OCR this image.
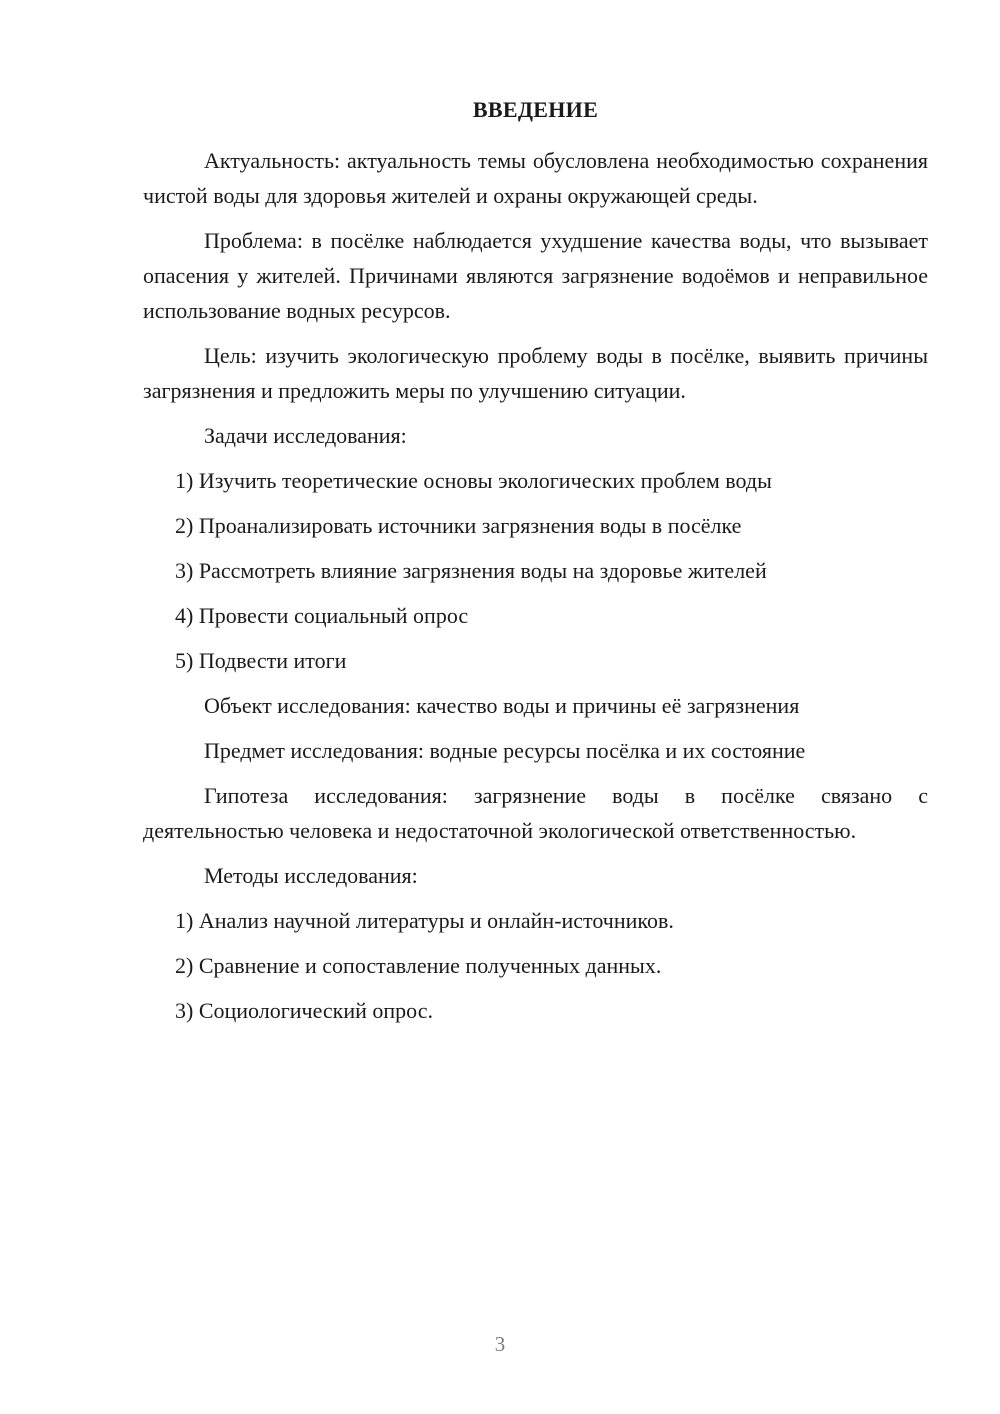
ВВЕДЕНИЕ

Актуальность: актуальность темы обусловлена необходимостью сохранения чистой воды для здоровья жителей и охраны окружающей среды.

Проблема: в посёлке наблюдается ухудшение качества воды, что вызывает опасения у жителей. Причинами являются загрязнение водоёмов и неправильное использование водных ресурсов.

Цель: изучить экологическую проблему воды в посёлке, выявить причины загрязнения и предложить меры по улучшению ситуации.

Задачи исследования:

1) Изучить теоретические основы экологических проблем воды
2) Проанализировать источники загрязнения воды в посёлке
3) Рассмотреть влияние загрязнения воды на здоровье жителей
4) Провести социальный опрос
5) Подвести итоги

Объект исследования: качество воды и причины её загрязнения

Предмет исследования: водные ресурсы посёлка и их состояние

Гипотеза исследования: загрязнение воды в посёлке связано с деятельностью человека и недостаточной экологической ответственностью.

Методы исследования:

1) Анализ научной литературы и онлайн-источников.
2) Сравнение и сопоставление полученных данных.
3) Социологический опрос.
3
